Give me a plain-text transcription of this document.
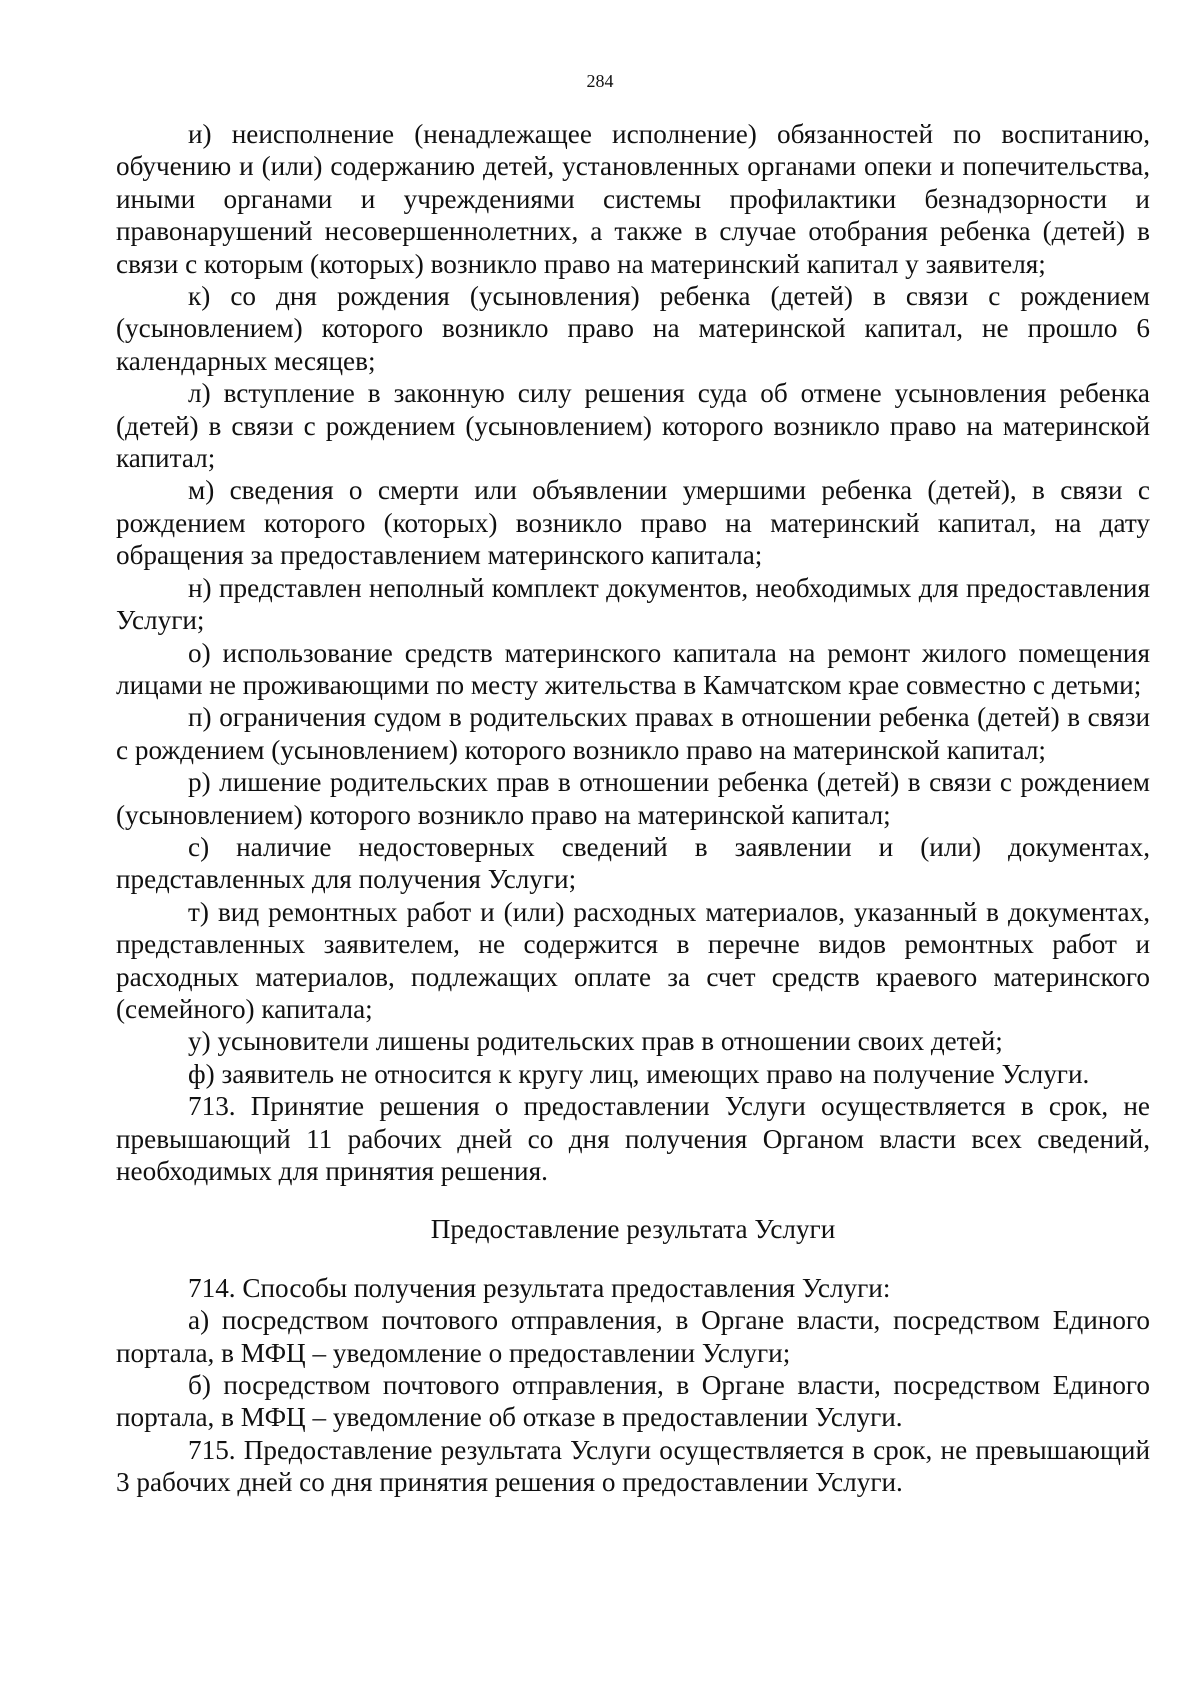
284

и) неисполнение (ненадлежащее исполнение) обязанностей по воспитанию, обучению и (или) содержанию детей, установленных органами опеки и попечительства, иными органами и учреждениями системы профилактики безнадзорности и правонарушений несовершеннолетних, а также в случае отобрания ребенка (детей) в связи с которым (которых) возникло право на материнский капитал у заявителя;

к) со дня рождения (усыновления) ребенка (детей) в связи с рождением (усыновлением) которого возникло право на материнской капитал, не прошло 6 календарных месяцев;

л) вступление в законную силу решения суда об отмене усыновления ребенка (детей) в связи с рождением (усыновлением) которого возникло право на материнской капитал;

м) сведения о смерти или объявлении умершими ребенка (детей), в связи с рождением которого (которых) возникло право на материнский капитал, на дату обращения за предоставлением материнского капитала;

н) представлен неполный комплект документов, необходимых для предоставления Услуги;

о) использование средств материнского капитала на ремонт жилого помещения лицами не проживающими по месту жительства в Камчатском крае совместно с детьми;

п) ограничения судом в родительских правах в отношении ребенка (детей) в связи с рождением (усыновлением) которого возникло право на материнской капитал;

р) лишение родительских прав в отношении ребенка (детей) в связи с рождением (усыновлением) которого возникло право на материнской капитал;

с) наличие недостоверных сведений в заявлении и (или) документах, представленных для получения Услуги;

т) вид ремонтных работ и (или) расходных материалов, указанный в документах, представленных заявителем, не содержится в перечне видов ремонтных работ и расходных материалов, подлежащих оплате за счет средств краевого материнского (семейного) капитала;

у) усыновители лишены родительских прав в отношении своих детей;

ф) заявитель не относится к кругу лиц, имеющих право на получение Услуги.

713. Принятие решения о предоставлении Услуги осуществляется в срок, не превышающий 11 рабочих дней со дня получения Органом власти всех сведений, необходимых для принятия решения.

Предоставление результата Услуги

714. Способы получения результата предоставления Услуги:

а) посредством почтового отправления, в Органе власти, посредством Единого портала, в МФЦ – уведомление о предоставлении Услуги;

б) посредством почтового отправления, в Органе власти, посредством Единого портала, в МФЦ – уведомление об отказе в предоставлении Услуги.

715. Предоставление результата Услуги осуществляется в срок, не превышающий 3 рабочих дней со дня принятия решения о предоставлении Услуги.
